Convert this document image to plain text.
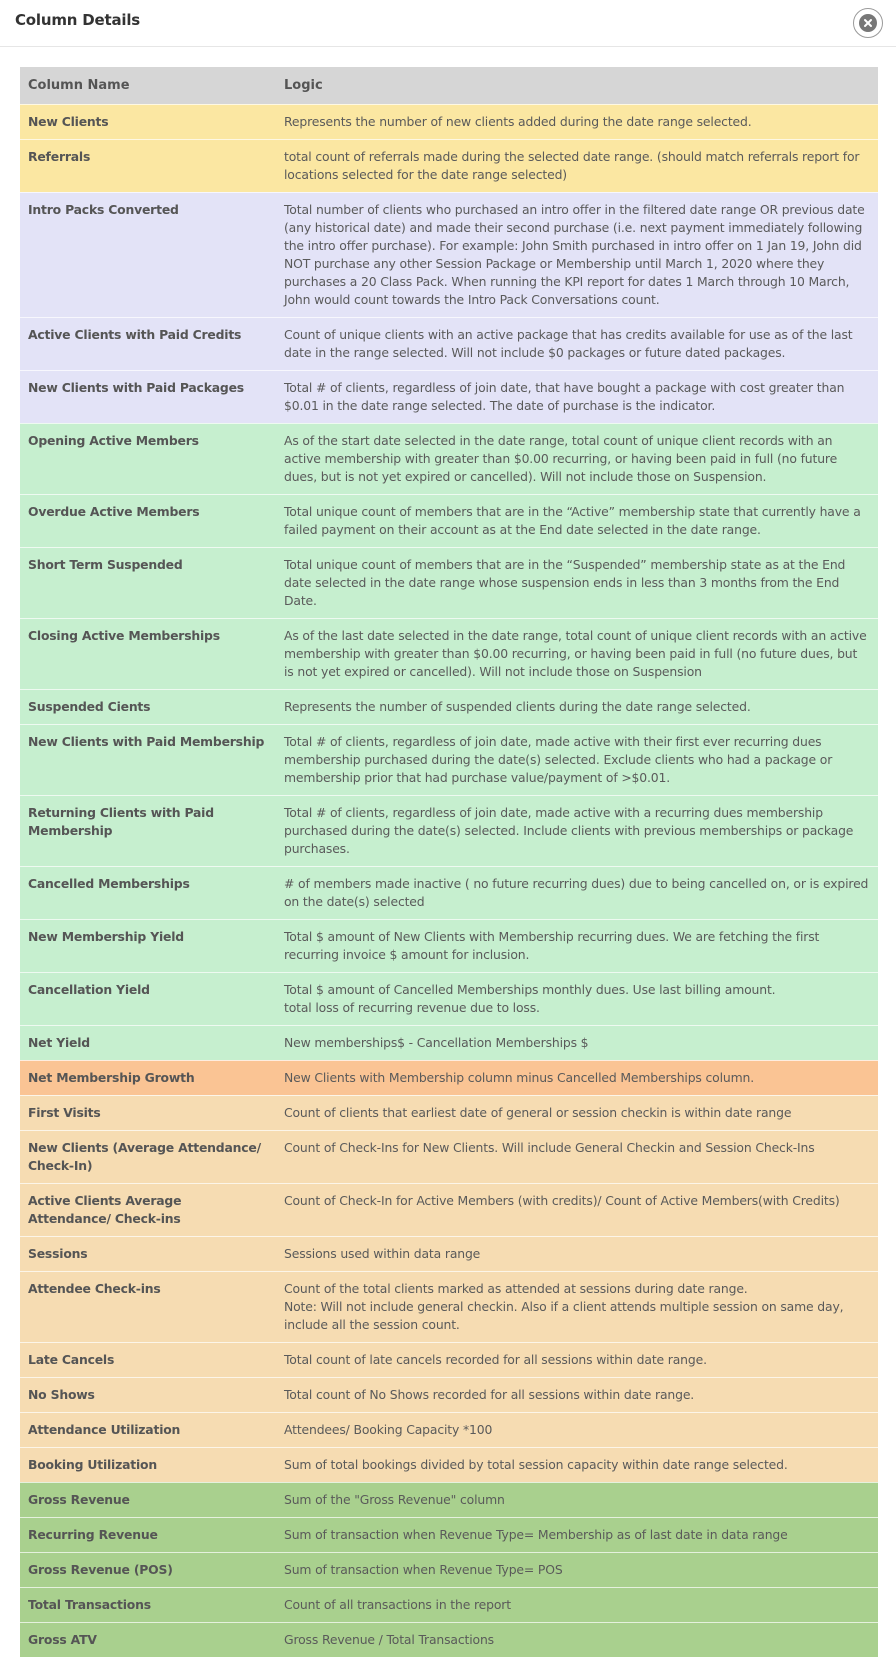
Column Details
Column Name	Logic
New Clients	Represents the number of new clients added during the date range selected.

Referrals	total count of referrals made during the selected date range. (should match referrals report for locations selected for the date range selected)

Intro Packs Converted	Total number of clients who purchased an intro offer in the filtered date range OR previous date (any historical date) and made their second purchase (i.e. next payment immediately following the intro offer purchase). For example: John Smith purchased in intro offer on 1 Jan 19, John did NOT purchase any other Session Package or Membership until March 1, 2020 where they purchases a 20 Class Pack. When running the KPI report for dates 1 March through 10 March, John would count towards the Intro Pack Conversations count.

Active Clients with Paid Credits	Count of unique clients with an active package that has credits available for use as of the last date in the range selected. Will not include $0 packages or future dated packages.

New Clients with Paid Packages	Total # of clients, regardless of join date, that have bought a package with cost greater than $0.01 in the date range selected. The date of purchase is the indicator.

Opening Active Members	As of the start date selected in the date range, total count of unique client records with an active membership with greater than $0.00 recurring, or having been paid in full (no future dues, but is not yet expired or cancelled). Will not include those on Suspension.

Overdue Active Members	Total unique count of members that are in the “Active” membership state that currently have a failed payment on their account as at the End date selected in the date range.

Short Term Suspended	Total unique count of members that are in the “Suspended” membership state as at the End date selected in the date range whose suspension ends in less than 3 months from the End Date.

Closing Active Memberships	As of the last date selected in the date range, total count of unique client records with an active membership with greater than $0.00 recurring, or having been paid in full (no future dues, but is not yet expired or cancelled). Will not include those on Suspension

Suspended Cients	Represents the number of suspended clients during the date range selected.

New Clients with Paid Membership	Total # of clients, regardless of join date, made active with their first ever recurring dues membership purchased during the date(s) selected. Exclude clients who had a package or membership prior that had purchase value/payment of >$0.01.

Returning Clients with Paid Membership	Total # of clients, regardless of join date, made active with a recurring dues membership purchased during the date(s) selected. Include clients with previous memberships or package purchases.

Cancelled Memberships	# of members made inactive ( no future recurring dues) due to being cancelled on, or is expired on the date(s) selected

New Membership Yield	Total $ amount of New Clients with Membership recurring dues. We are fetching the first recurring invoice $ amount for inclusion.

Cancellation Yield	Total $ amount of Cancelled Memberships monthly dues. Use last billing amount.
total loss of recurring revenue due to loss.

Net Yield	New memberships$ - Cancellation Memberships $

Net Membership Growth	New Clients with Membership column minus Cancelled Memberships column.

First Visits	Count of clients that earliest date of general or session checkin is within date range

New Clients (Average Attendance/ Check-In)	Count of Check-Ins for New Clients. Will include General Checkin and Session Check-Ins

Active Clients Average Attendance/ Check-ins	Count of Check-In for Active Members (with credits)/ Count of Active Members(with Credits)

Sessions	Sessions used within data range

Attendee Check-ins	Count of the total clients marked as attended at sessions during date range.
Note: Will not include general checkin. Also if a client attends multiple session on same day, include all the session count.

Late Cancels	Total count of late cancels recorded for all sessions within date range.

No Shows	Total count of No Shows recorded for all sessions within date range.

Attendance Utilization	Attendees/ Booking Capacity *100

Booking Utilization	Sum of total bookings divided by total session capacity within date range selected.

Gross Revenue	Sum of the "Gross Revenue" column

Recurring Revenue	Sum of transaction when Revenue Type= Membership as of last date in data range

Gross Revenue (POS)	Sum of transaction when Revenue Type= POS

Total Transactions	Count of all transactions in the report

Gross ATV	Gross Revenue / Total Transactions
